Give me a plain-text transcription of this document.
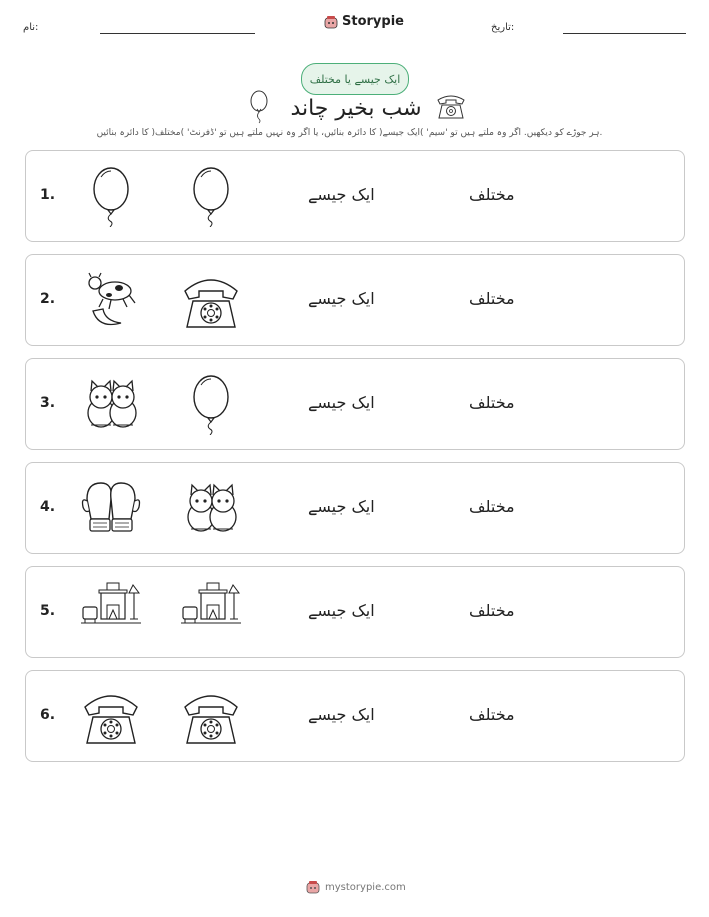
نام:	Storypie	تاریخ:
ایک جیسے یا مختلف
شب بخیر چاند
ہر جوڑے کو دیکھیں. اگر وہ ملتے ہیں تو 'سیم' )ایک جیسے( کا دائرہ بنائیں، یا اگر وہ نہیں ملتے ہیں تو 'ڈفرنٹ' )مختلف( کا دائرہ بنائیں.
1.	ایک جیسے	مختلف
2.	ایک جیسے	مختلف
3.	ایک جیسے	مختلف
4.	ایک جیسے	مختلف
5.	ایک جیسے	مختلف
6.	ایک جیسے	مختلف
mystorypie.com
